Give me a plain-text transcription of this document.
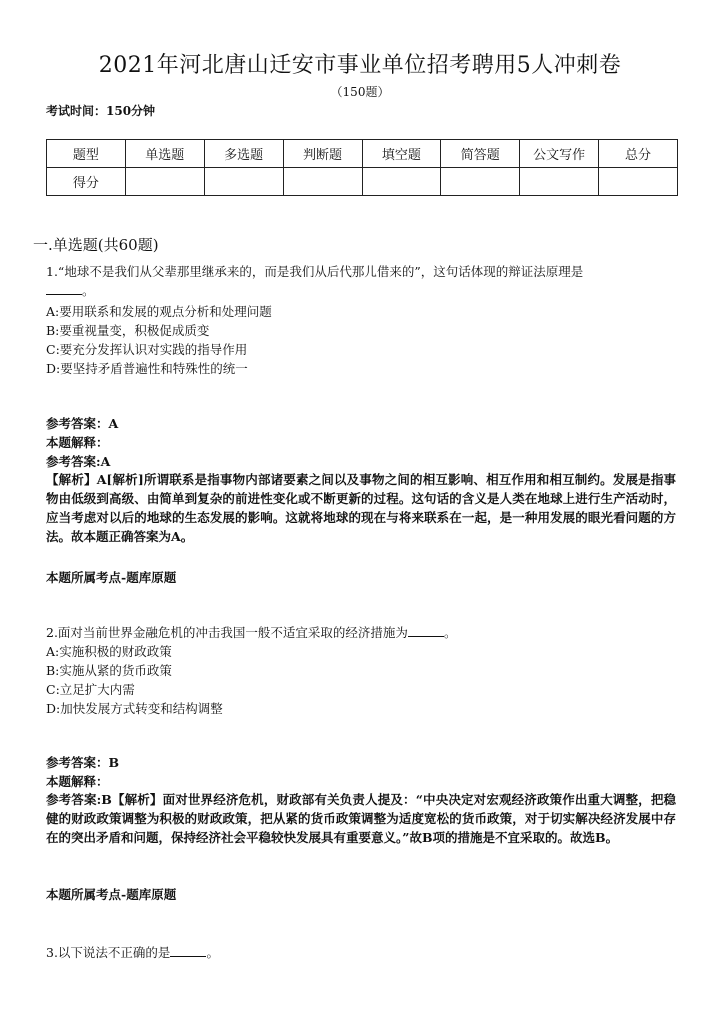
2021年河北唐山迁安市事业单位招考聘用5人冲刺卷
（150题）
考试时间：150分钟
题型	单选题	多选题	判断题	填空题	简答题	公文写作	总分
得分							
一.单选题(共60题)
1.“地球不是我们从父辈那里继承来的，而是我们从后代那儿借来的”，这句话体现的辩证法原理是
。
A:要用联系和发展的观点分析和处理问题
B:要重视量变，积极促成质变
C:要充分发挥认识对实践的指导作用
D:要坚持矛盾普遍性和特殊性的统一
参考答案：A
本题解释：
参考答案:A
【解析】A[解析]所谓联系是指事物内部诸要素之间以及事物之间的相互影响、相互作用和相互制约。发展是指事物由低级到高级、由简单到复杂的前进性变化或不断更新的过程。这句话的含义是人类在地球上进行生产活动时，应当考虑对以后的地球的生态发展的影响。这就将地球的现在与将来联系在一起，是一种用发展的眼光看问题的方法。故本题正确答案为A。
本题所属考点-题库原题
2.面对当前世界金融危机的冲击我国一般不适宜采取的经济措施为	。
A:实施积极的财政政策
B:实施从紧的货币政策
C:立足扩大内需
D:加快发展方式转变和结构调整
参考答案：B
本题解释：
参考答案:B【解析】面对世界经济危机，财政部有关负责人提及：“中央决定对宏观经济政策作出重大调整，把稳健的财政政策调整为积极的财政政策，把从紧的货币政策调整为适度宽松的货币政策，对于切实解决经济发展中存在的突出矛盾和问题，保持经济社会平稳较快发展具有重要意义。”故B项的措施是不宜采取的。故选B。
本题所属考点-题库原题
3.以下说法不正确的是	。
